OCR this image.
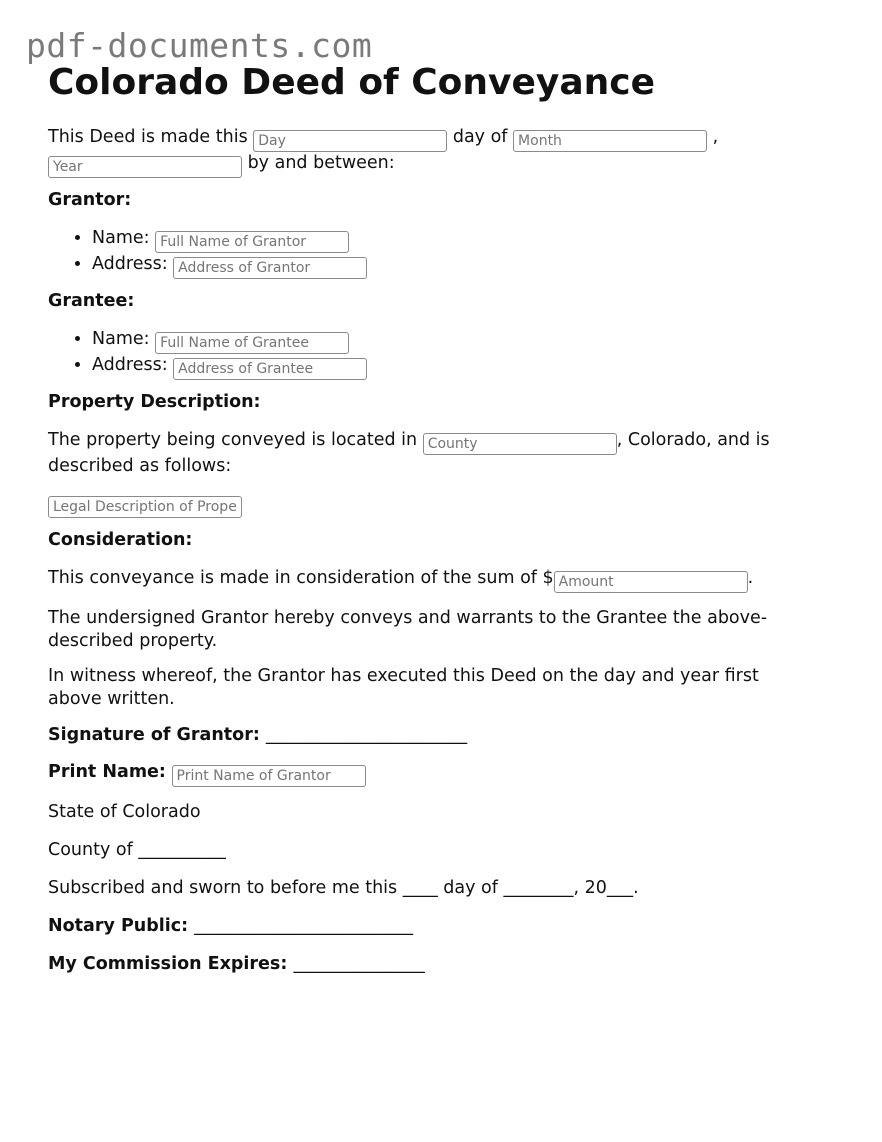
pdf-documents.com
Colorado Deed of Conveyance

This Deed is made this Day	day of Month	,
Year by and between:

Grantor:

• Name: Full Name of Grantor
• Address: Address of Grantor

Grantee:

• Name: Full Name of Grantee
• Address: Address of Grantee

Property Description:

The property being conveyed is located in County	, Colorado, and is described as follows:

Legal Description of Property

Consideration:

This conveyance is made in consideration of the sum of $Amount	.

The undersigned Grantor hereby conveys and warrants to the Grantee the above-described property.

In witness whereof, the Grantor has executed this Deed on the day and year first above written.

Signature of Grantor: _______________________

Print Name: Print Name of Grantor

State of Colorado

County of __________

Subscribed and sworn to before me this ____ day of ________, 20___.

Notary Public: _________________________

My Commission Expires: _______________
